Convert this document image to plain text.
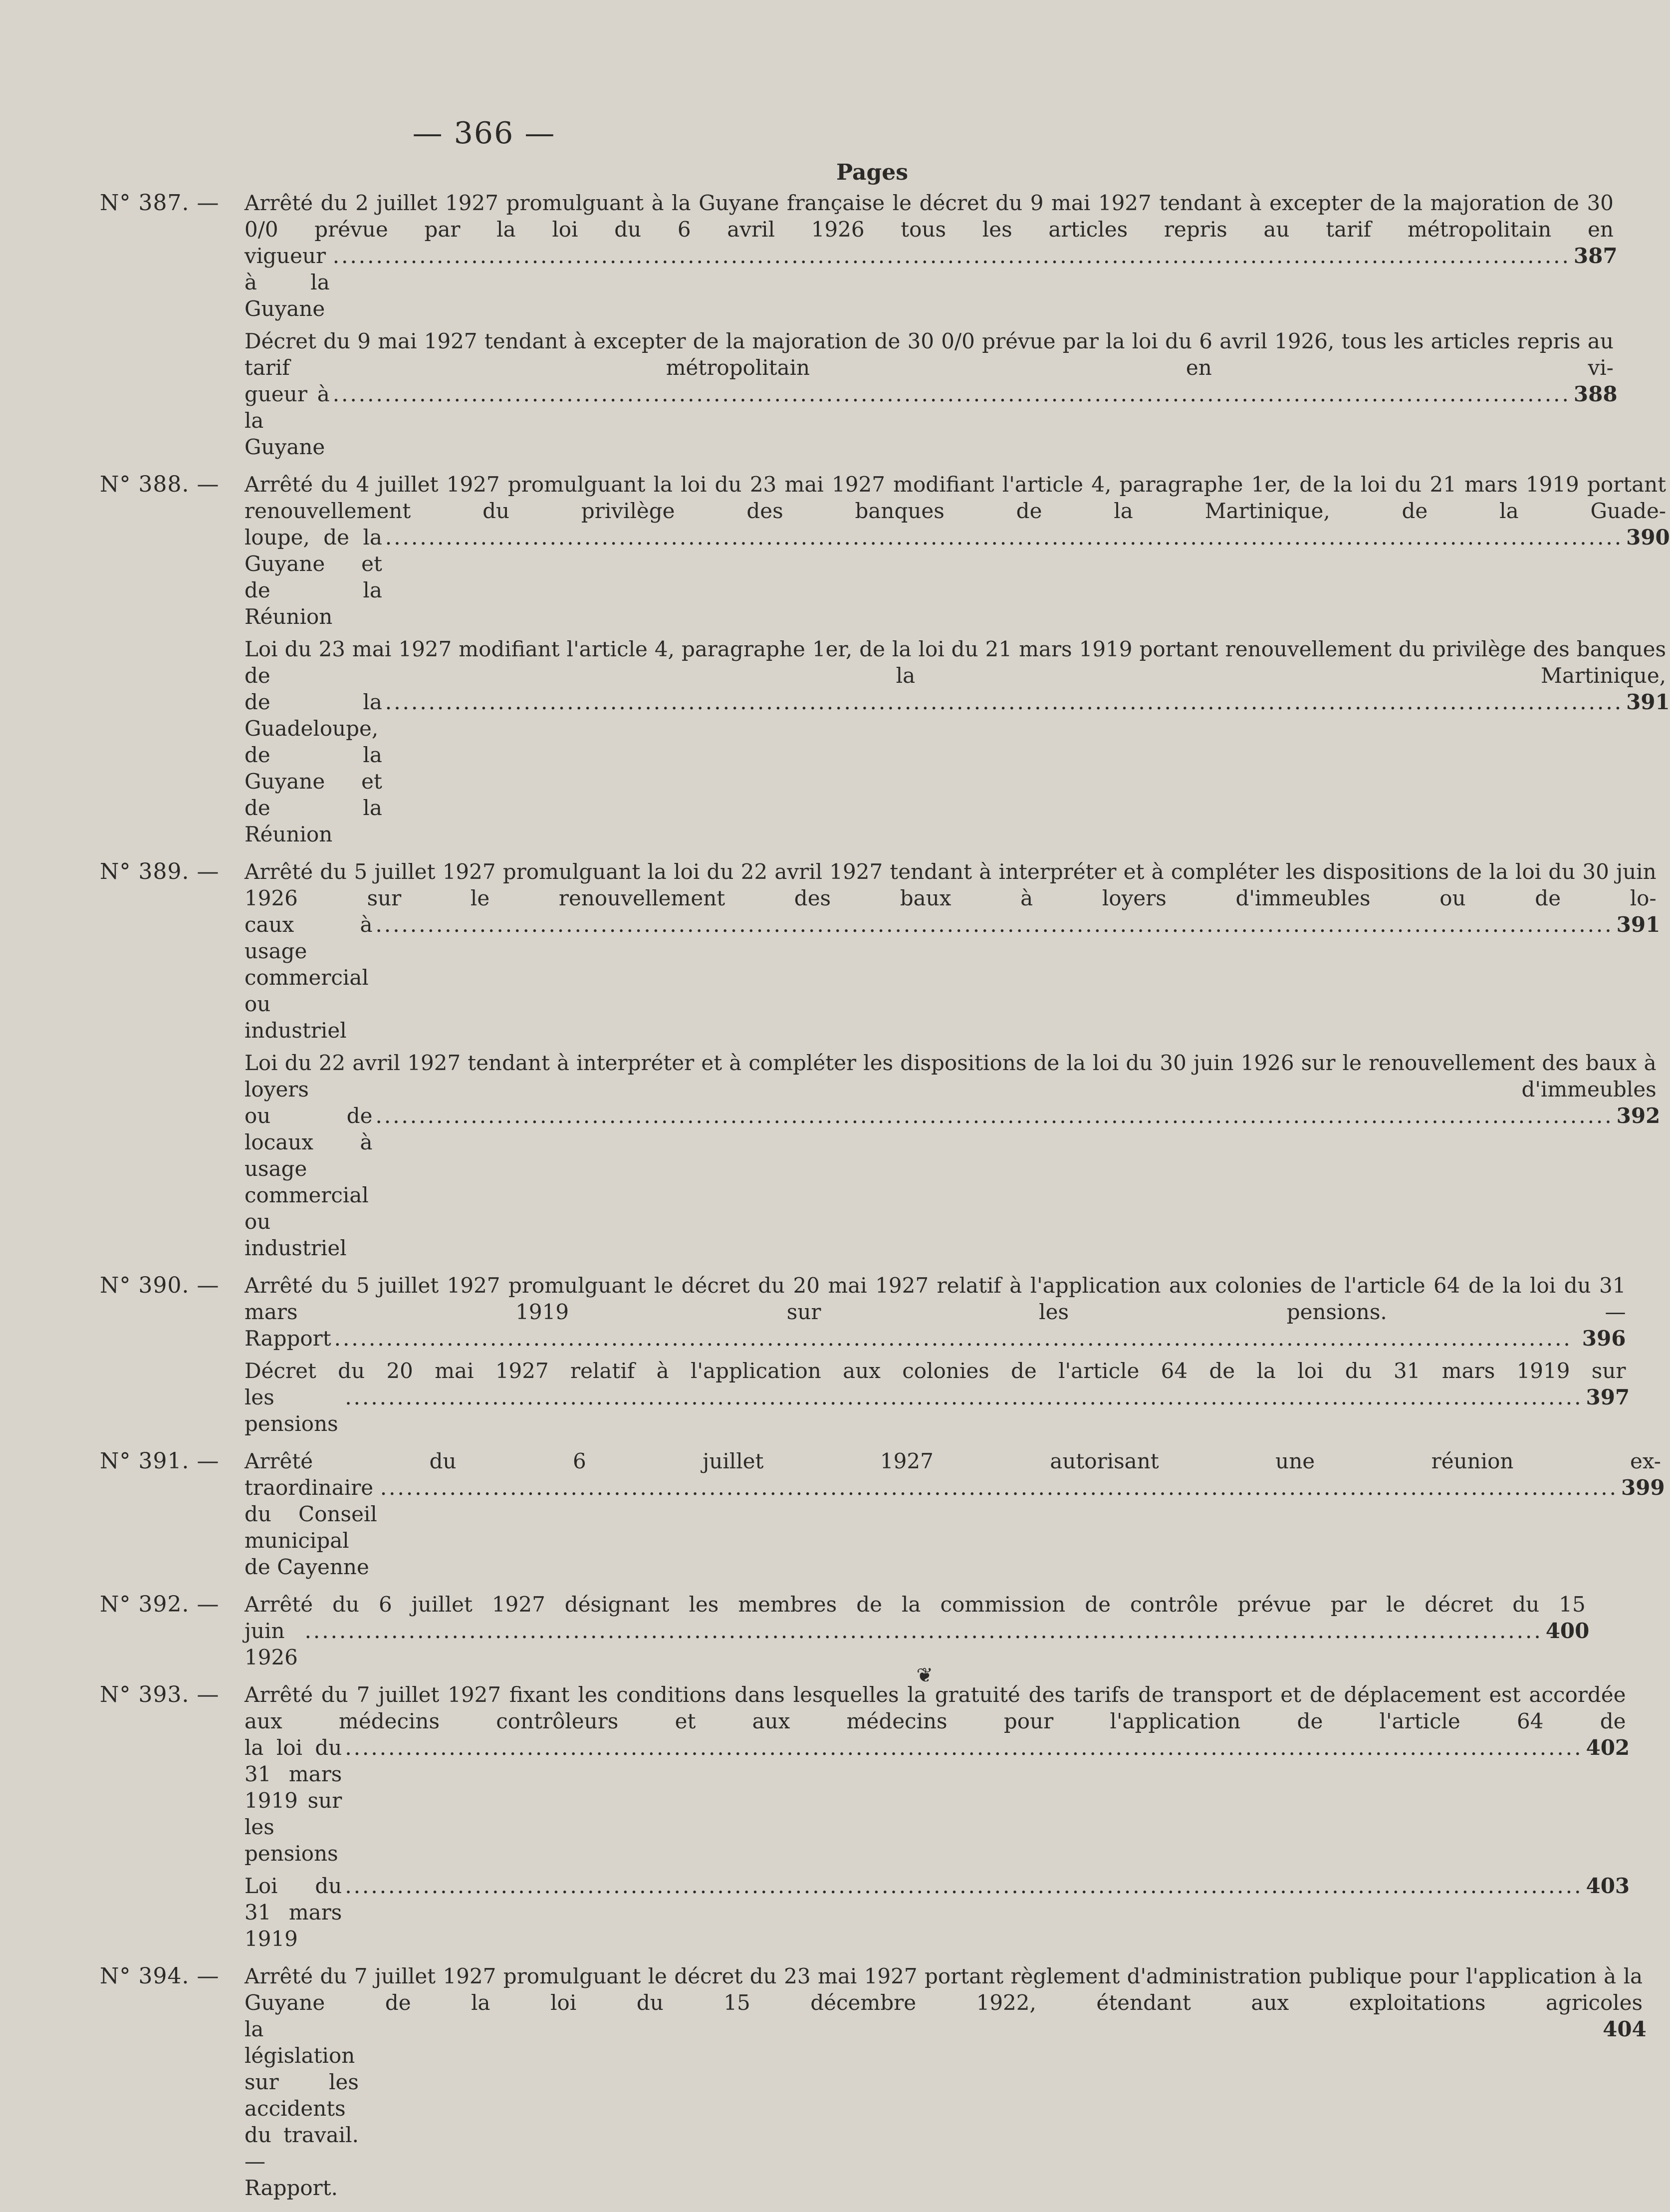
— 366 —
Pages
N° 387. —	Arrêté du 2 juillet 1927 promulguant à la Guyane française le décret du 9 mai 1927 tendant à excepter de la majoration de 30 0/0 prévue par la loi du 6 avril 1926 tous les articles repris au tarif métropolitain en
vigueur à la Guyane
.....
387
Décret du 9 mai 1927 tendant à excepter de la majoration de 30 0/0 prévue par la loi du 6 avril 1926, tous les articles repris au tarif métropolitain en vi-
gueur à la Guyane
.....
388
N° 388. —	Arrêté du 4 juillet 1927 promulguant la loi du 23 mai 1927 modifiant l'article 4, paragraphe 1er, de la loi du 21 mars 1919 portant renouvellement du privilège des banques de la Martinique, de la Guade-
loupe, de la Guyane et de la Réunion
.....
390
Loi du 23 mai 1927 modifiant l'article 4, paragraphe 1er, de la loi du 21 mars 1919 portant renouvellement du privilège des banques de la Martinique,
de la Guadeloupe, de la Guyane et de la Réunion
.....
391
N° 389. —	Arrêté du 5 juillet 1927 promulguant la loi du 22 avril 1927 tendant à interpréter et à compléter les dispositions de la loi du 30 juin 1926 sur le renouvellement des baux à loyers d'immeubles ou de lo-
caux à usage commercial ou industriel
.....
391
Loi du 22 avril 1927 tendant à interpréter et à compléter les dispositions de la loi du 30 juin 1926 sur le renouvellement des baux à loyers d'immeubles
ou de locaux à usage commercial ou industriel
.....
392
N° 390. —	Arrêté du 5 juillet 1927 promulguant le décret du 20 mai 1927 relatif à l'application aux colonies de l'article 64 de la loi du 31 mars 1919 sur les pensions. —
Rapport
.....	396
Décret du 20 mai 1927 relatif à l'application aux colonies de l'article 64 de la loi du 31 mars 1919 sur
les pensions
.....
397
N° 391. —	Arrêté du 6 juillet 1927 autorisant une réunion ex-
traordinaire du Conseil municipal de Cayenne
.....
399
N° 392. —	Arrêté du 6 juillet 1927 désignant les membres de la commission de contrôle prévue par le décret du 15
juin 1926
.....
400
N° 393. —	Arrêté du 7 juillet 1927 fixant les conditions dans lesquelles la gratuité des tarifs de transport et de déplacement est accordée aux médecins contrôleurs et aux médecins pour l'application de l'article 64 de
la loi du 31 mars 1919 sur les pensions
.....
402
Loi du 31 mars 1919
.....
403
N° 394. —	Arrêté du 7 juillet 1927 promulguant le décret du 23 mai 1927 portant règlement d'administration publique pour l'application à la Guyane de la loi du 15 décembre 1922, étendant aux exploitations agricoles
la législation sur les accidents du travail. — Rapport.
404
❦
